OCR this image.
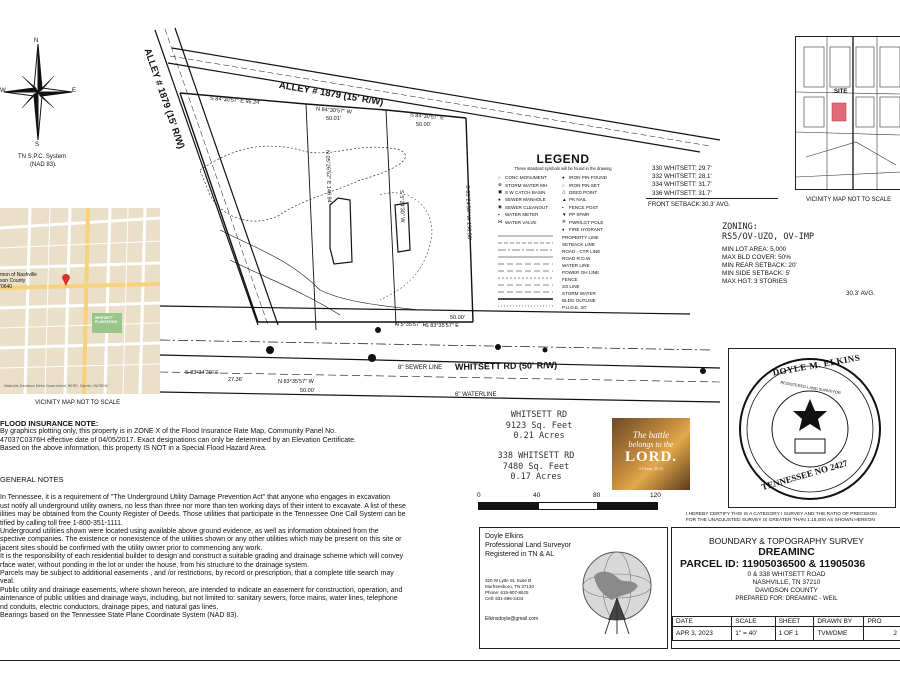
N
S
W	E
TN S.P.C. System
(NAD 83).
mon of Nashville
son County
'0640
WHITSETT
PLANTATION
Nashville-Davidson Metro Government, HERE, Garmin, INCREM
VICINITY MAP NOT TO SCALE
SITE
VICINITY MAP NOT TO SCALE
ALLEY # 1879 (15' R/W)
ALLEY # 1879 (15' R/W)
WHITSETT RD (50' R/W)
8" SEWER LINE
6" WATERLINE
S 84°30'57" E 95.24'
N 84°30'57" W
50.01'	S 84°30'57" E
50.00'
N 5°35'57" E
S 83°34'29" E
27.36'	N 83°35'57" W
50.00'
S 83°35'57" E
50.00'
S 05°24'30" W 150.56'
S 5°24'30" W
N 05°26'52" E 149.94'	LEGEND
These standard symbols will be found in the drawing
○ CONC MONUMENT
⊗ STORM WATER MH
▣ S W CATCH BASIN
● SEWER MANHOLE
◉ SEWER CLEANOUT
▪	WATER METER
⋈ WATER VALVE
● IRON PIN FOUND
○ IRON PIN SET
△ DEED POINT
▲ PK NAIL
•	FENCE POST
▼ PP XFMR
✲ PWR/LGT POLE
♦	FIRE HYDRANT
PROPERTY LINE
SETBACK LINE
ROAD - CTR LINE
ROAD R.O.W.
WATER LINE
POWER OH LINE
FENCE
SS LINE
STORM WATER
BLDG OUTLINE
P.U.D.E. 20'
330 WHITSETT: 29.7'
332 WHITSETT: 28.1'
334 WHITSETT: 31.7'
336 WHITSETT: 31.7'
FRONT SETBACK:30.3' AVG.
ZONING:
RS5/OV-UZO, OV-IMP
MIN LOT AREA: 5,000
MAX BLD COVER: 50%
MIN REAR SETBACK: 20'
MIN SIDE SETBACK: 5'
MAX HGT: 3 STORIES
30.3' AVG.
WHITSETT RD
9123 Sq. Feet
0.21 Acres
338 WHITSETT RD
7480 Sq. Feet
0.17 Acres
The battle
belongs to the
LORD.
2 Chron. 20:15
0	40	80	120
DOYLE M. ELKINS
TENNESSEE NO 2427
REGISTERED LAND SURVEYOR

FLOOD INSURANCE NOTE:

By graphics plotting only, this property is in ZONE X of the Flood Insurance Rate Map, Community Panel No.

47037C0376H effective date of 04/05/2017. Exact designations can only be determined by an Elevation Certificate.

Based on the above information, this property IS NOT in a Special Flood Hazard Area.

GENERAL NOTES

In Tennessee, it is a requirement of "The Underground Utility Damage Prevention Act" that anyone who engages in excavation

ust notify all underground utility owners, no less than three nor more than ten working days of their intent to excavate. A list of these

ilities may be obtained from the County Register of Deeds. Those utilities that participate in the Tennessee One Call System can be

tified by calling toll free 1-800-351-1111.

Underground utilities shown were located using available above ground evidence, as well as information obtained from the

spective companies. The existence or nonexistence of the utilities shown or any other utilities which may be present on this site or

jacent sites should be confirmed with the utility owner prior to commencing any work.

It is the responsibility of each residential builder to design and construct a suitable grading and drainage scheme which will convey

rface water, without ponding in the lot or under the house, from his structure to the drainage system.

Parcels may be subject to additional easements , and /or restrictions, by record or prescription, that a complete title search may

veal.

Public utility and drainage easements, where shown hereon, are intended to indicate an easement for construction, operation, and

aintenance of public utilities and drainage ways, including, but not limited to: sanitary sewers, force mains, water lines, telephone

nd conduits, electric conductors, drainage pipes, and natural gas lines.

Bearings based on the Tennessee State Plane Coordinate System (NAD 83).

Doyle Elkins
Professional Land Surveyor
Registered in TN & AL
320 W Lytle St, Suite B
Murfreesboro, TN 37130
Phone: 615-907-8625
Cell: 931-696-2434
Elkinsdoyle@gmail.com
I HEREBY CERTIFY THIS IS A CATEGORY I SURVEY AND THE RATIO OF PRECISION
FOR THE UNADJUSTED SURVEY IS GREATER THAN 1:15,000 AS SHOWN HEREON
BOUNDARY & TOPOGRAPHY SURVEY
DREAMINC
PARCEL ID: 11905036500 & 11905036
0 & 338 WHITSETT ROAD
NASHVILLE, TN 37210
DAVIDSON COUNTY
PREPARED FOR: DREAMINC - WEIL
DATE	SCALE	SHEET	DRAWN BY	PRO
APR 3, 2023	1" = 40'	1 OF 1	TVM/DME	2
